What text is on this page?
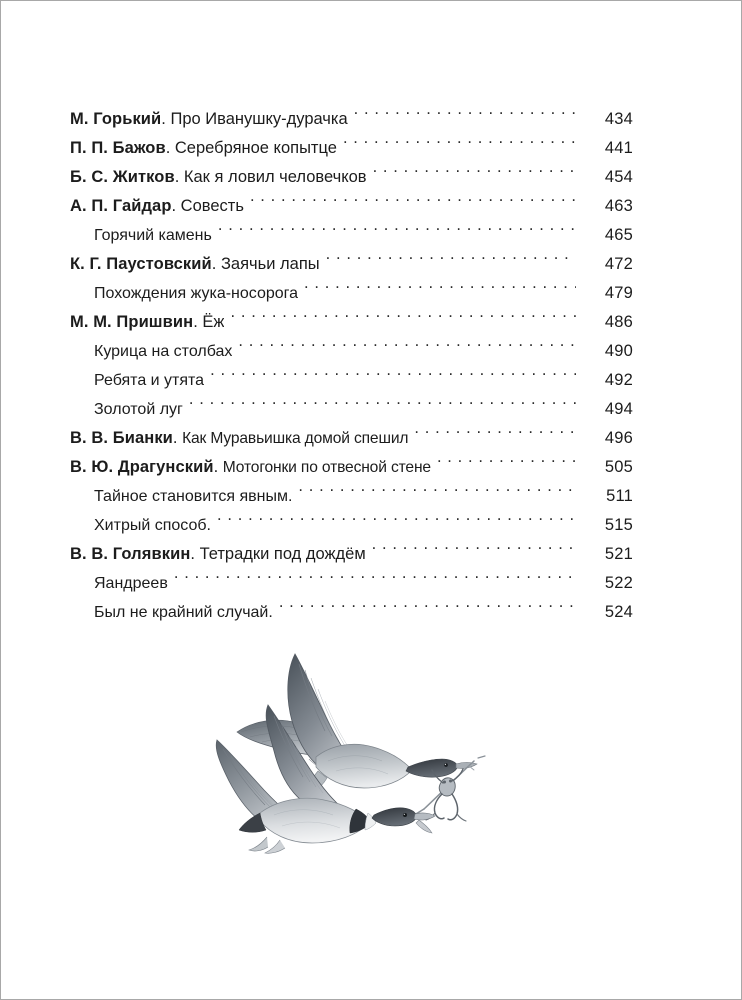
М. Горький. Про Иванушку-дурачка . . .	434
П. П. Бажов. Серебряное копытце . . .	441
Б. С. Житков. Как я ловил человечков . . .	454
А. П. Гайдар. Совесть . . .	463
Горячий камень . . .	465
К. Г. Паустовский. Заячьи лапы . . .	472
Похождения жука-носорога . . .	479
М. М. Пришвин. Ёж . . .	486
Курица на столбах . . .	490
Ребята и утята . . .	492
Золотой луг . . .	494
В. В. Бианки. Как Муравьишка домой спешил . . .	496
В. Ю. Драгунский. Мотогонки по отвесной стене . . .	505
Тайное становится явным. . . .	511
Хитрый способ. . . .	515
В. В. Голявкин. Тетрадки под дождём . . .	521
Яандреев . . .	522
Был не крайний случай. . . .	524
